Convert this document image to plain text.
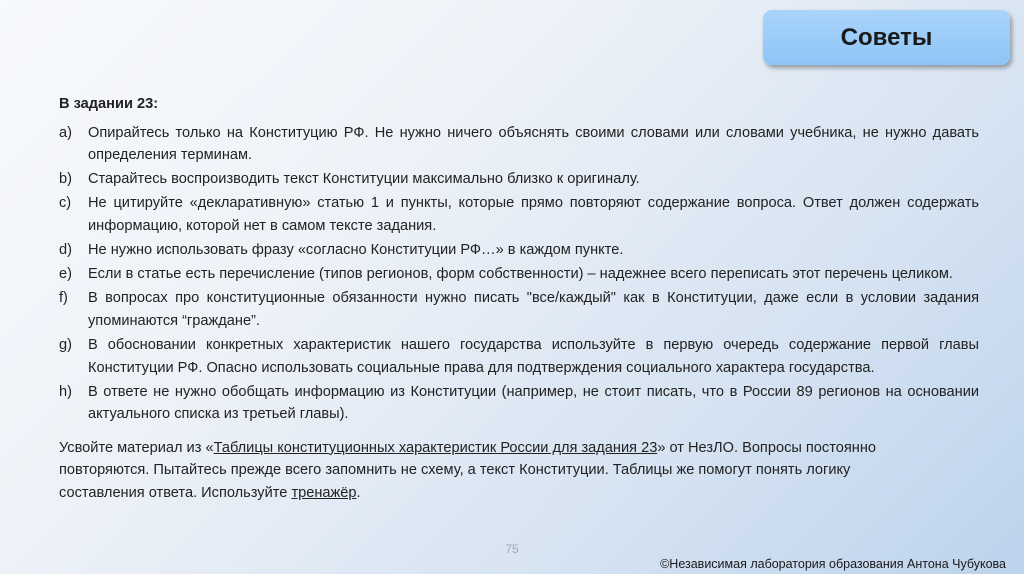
Советы
В задании 23:
a)	Опирайтесь только на Конституцию РФ. Не нужно ничего объяснять своими словами или словами учебника, не нужно давать определения терминам.
b)	Старайтесь воспроизводить текст Конституции максимально близко к оригиналу.
c)	Не цитируйте «декларативную» статью 1 и пункты, которые прямо повторяют содержание вопроса. Ответ должен содержать информацию, которой нет в самом тексте задания.
d)	Не нужно использовать фразу «согласно Конституции РФ…» в каждом пункте.
e)	Если в статье есть перечисление (типов регионов, форм собственности) – надежнее всего переписать этот перечень целиком.
f)	В вопросах про конституционные обязанности нужно писать "все/каждый" как в Конституции, даже если в условии задания упоминаются “граждане”.
g)	В обосновании конкретных характеристик нашего государства используйте в первую очередь содержание первой главы Конституции РФ. Опасно использовать социальные права для подтверждения социального характера государства.
h)	В ответе не нужно обобщать информацию из Конституции (например, не стоит писать, что в России 89 регионов на основании актуального списка из третьей главы).
Усвойте материал из «Таблицы конституционных характеристик России для задания 23» от НезЛО. Вопросы постоянно повторяются. Пытайтесь прежде всего запомнить не схему, а текст Конституции. Таблицы же помогут понять логику составления ответа. Используйте тренажёр.
75
©Независимая лаборатория образования Антона Чубукова
